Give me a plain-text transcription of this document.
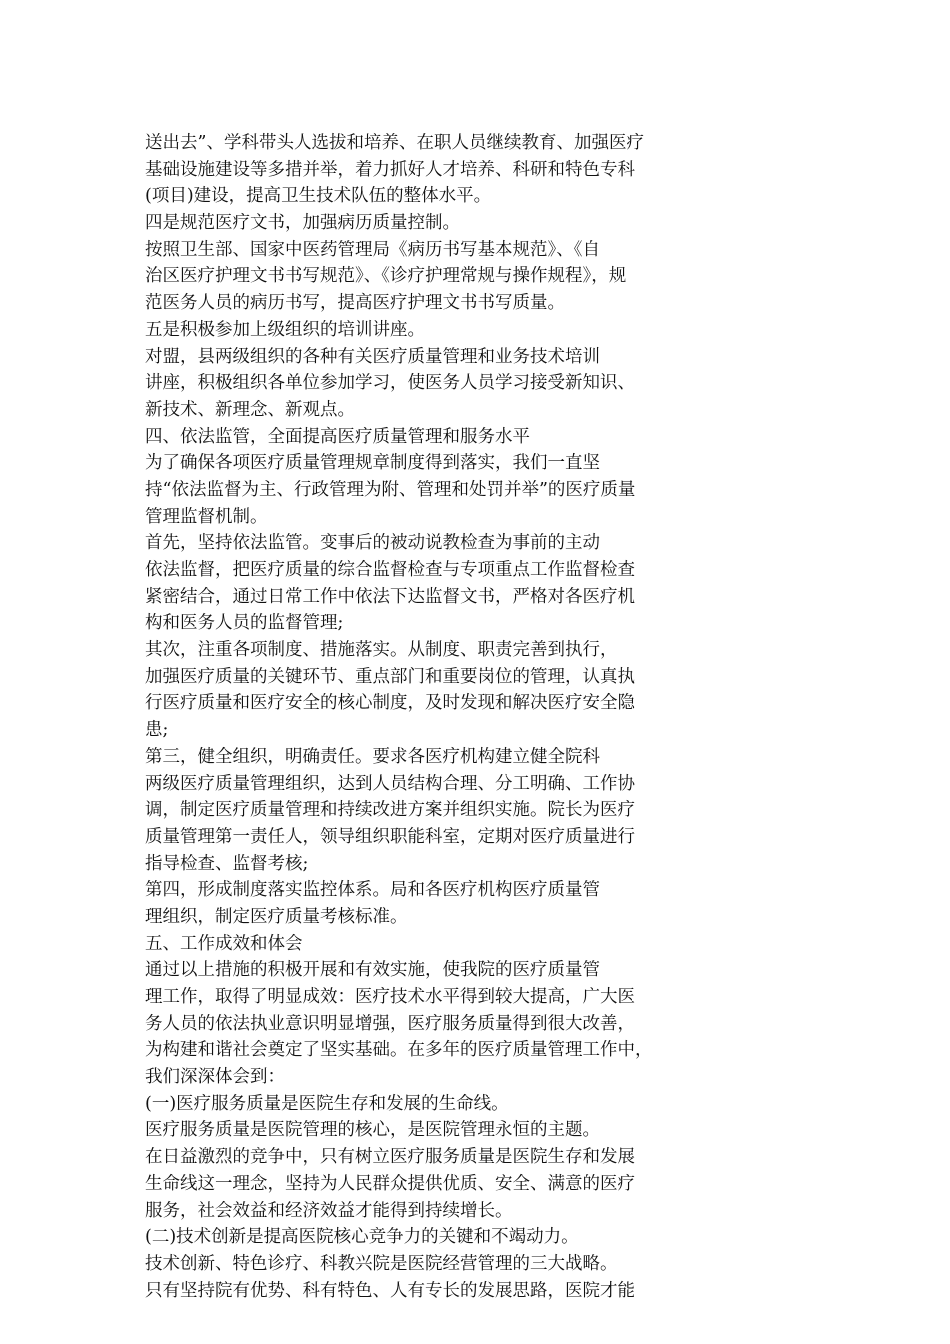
送出去”、学科带头人选拔和培养、在职人员继续教育、加强医疗
基础设施建设等多措并举，着力抓好人才培养、科研和特色专科
(项目)建设，提高卫生技术队伍的整体水平。
四是规范医疗文书，加强病历质量控制。
按照卫生部、国家中医药管理局《病历书写基本规范》、《自
治区医疗护理文书书写规范》、《诊疗护理常规与操作规程》，规
范医务人员的病历书写，提高医疗护理文书书写质量。
五是积极参加上级组织的培训讲座。
对盟，县两级组织的各种有关医疗质量管理和业务技术培训
讲座，积极组织各单位参加学习，使医务人员学习接受新知识、
新技术、新理念、新观点。
四、依法监管，全面提高医疗质量管理和服务水平
为了确保各项医疗质量管理规章制度得到落实，我们一直坚
持“依法监督为主、行政管理为附、管理和处罚并举”的医疗质量
管理监督机制。
首先，坚持依法监管。变事后的被动说教检查为事前的主动
依法监督，把医疗质量的综合监督检查与专项重点工作监督检查
紧密结合，通过日常工作中依法下达监督文书，严格对各医疗机
构和医务人员的监督管理;
其次，注重各项制度、措施落实。从制度、职责完善到执行，
加强医疗质量的关键环节、重点部门和重要岗位的管理，认真执
行医疗质量和医疗安全的核心制度，及时发现和解决医疗安全隐
患;
第三，健全组织，明确责任。要求各医疗机构建立健全院科
两级医疗质量管理组织，达到人员结构合理、分工明确、工作协
调，制定医疗质量管理和持续改进方案并组织实施。院长为医疗
质量管理第一责任人，领导组织职能科室，定期对医疗质量进行
指导检查、监督考核;
第四，形成制度落实监控体系。局和各医疗机构医疗质量管
理组织，制定医疗质量考核标准。
五、工作成效和体会
通过以上措施的积极开展和有效实施，使我院的医疗质量管
理工作，取得了明显成效：医疗技术水平得到较大提高，广大医
务人员的依法执业意识明显增强，医疗服务质量得到很大改善，
为构建和谐社会奠定了坚实基础。在多年的医疗质量管理工作中，
我们深深体会到：
(一)医疗服务质量是医院生存和发展的生命线。
医疗服务质量是医院管理的核心，是医院管理永恒的主题。
在日益激烈的竞争中，只有树立医疗服务质量是医院生存和发展
生命线这一理念，坚持为人民群众提供优质、安全、满意的医疗
服务，社会效益和经济效益才能得到持续增长。
(二)技术创新是提高医院核心竞争力的关键和不竭动力。
技术创新、特色诊疗、科教兴院是医院经营管理的三大战略。
只有坚持院有优势、科有特色、人有专长的发展思路，医院才能
